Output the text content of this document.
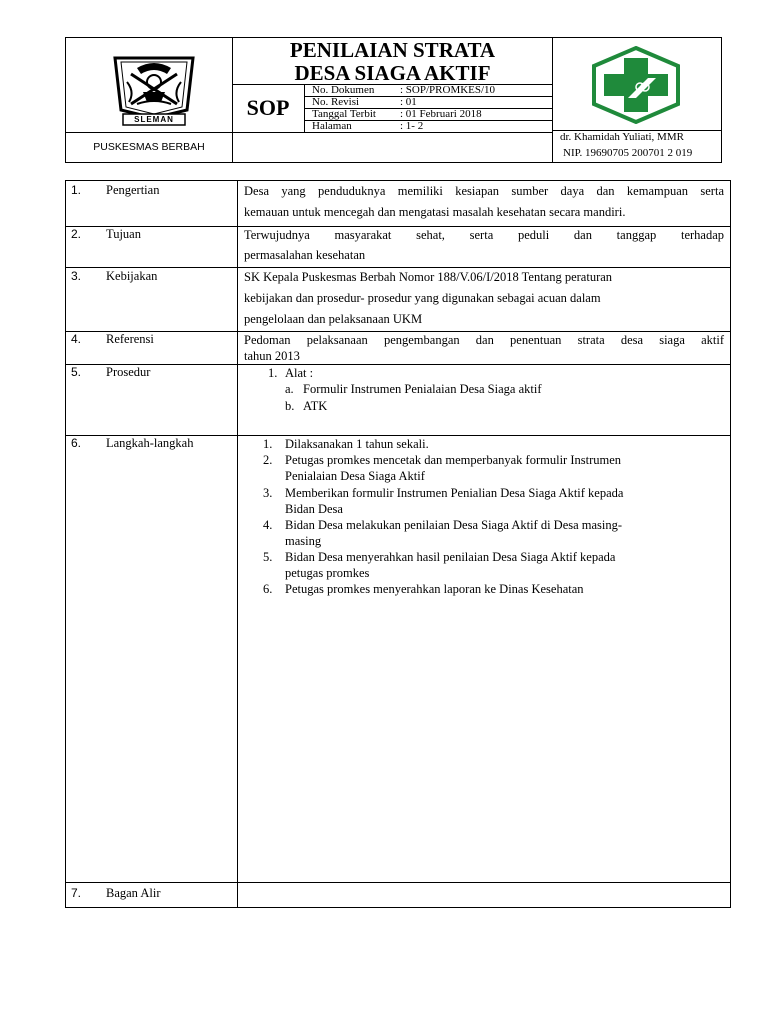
SLEMAN
PUSKESMAS BERBAH
PENILAIAN STRATA
DESA SIAGA AKTIF
SOP
No. Dokumen : SOP/PROMKES/10
No. Revisi	: 01
Tanggal Terbit : 01 Februari 2018
Halaman	: 1- 2
dr. Khamidah Yuliati, MMR
NIP. 19690705 200701 2 019
1. Pengertian	Desa yang penduduknya memiliki kesiapan sumber daya dan kemampuan serta
kemauan untuk mencegah dan mengatasi masalah kesehatan secara mandiri.
2. Tujuan	Terwujudnya masyarakat sehat, serta peduli dan tanggap terhadap
permasalahan kesehatan
3. Kebijakan	SK Kepala Puskesmas Berbah Nomor 188/V.06/I/2018 Tentang peraturan
kebijakan dan prosedur- prosedur yang digunakan sebagai acuan dalam
pengelolaan dan pelaksanaan UKM
4. Referensi	Pedoman pelaksanaan pengembangan dan penentuan strata desa siaga aktif
tahun 2013
5. Prosedur	1. Alat :
a. Formulir Instrumen Penialaian Desa Siaga aktif
b. ATK
6. Langkah-langkah	1. Dilaksanakan 1 tahun sekali.
2. Petugas promkes mencetak dan memperbanyak formulir Instrumen
Penialaian Desa Siaga Aktif
3. Memberikan formulir Instrumen Penialian Desa Siaga Aktif kepada
Bidan Desa
4. Bidan Desa melakukan penilaian Desa Siaga Aktif di Desa masing-
masing
5. Bidan Desa menyerahkan hasil penilaian Desa Siaga Aktif kepada
petugas promkes
6. Petugas promkes menyerahkan laporan ke Dinas Kesehatan
7. Bagan Alir
